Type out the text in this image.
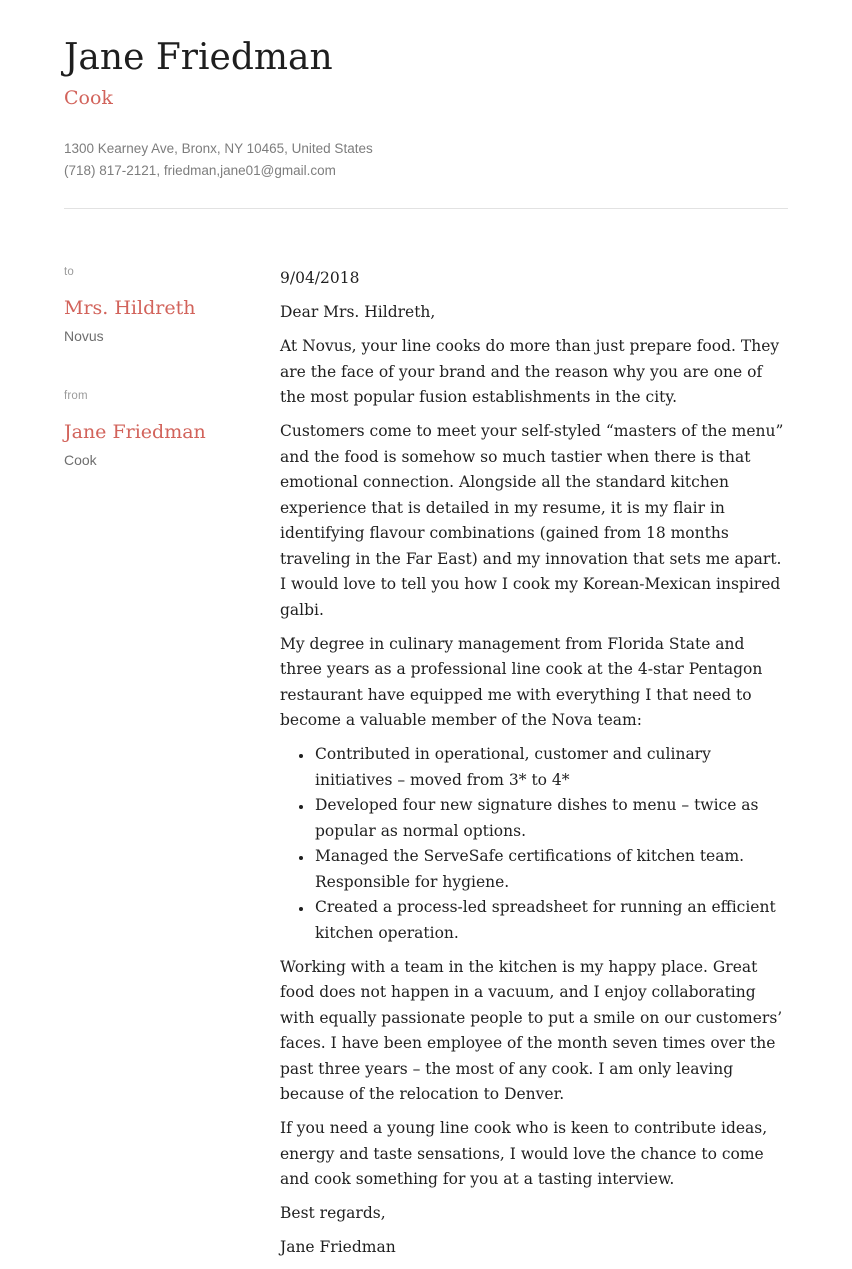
Jane Friedman
Cook
1300 Kearney Ave, Bronx, NY 10465, United States
(718) 817-2121, friedman,jane01@gmail.com
to
Mrs. Hildreth
Novus
from
Jane Friedman
Cook

9/04/2018

Dear Mrs. Hildreth,

At Novus, your line cooks do more than just prepare food. They are the face of your brand and the reason why you are one of the most popular fusion establishments in the city.

Customers come to meet your self-styled “masters of the menu” and the food is somehow so much tastier when there is that emotional connection. Alongside all the standard kitchen experience that is detailed in my resume, it is my flair in identifying flavour combinations (gained from 18 months traveling in the Far East) and my innovation that sets me apart. I would love to tell you how I cook my Korean-Mexican inspired galbi.

My degree in culinary management from Florida State and three years as a professional line cook at the 4-star Pentagon restaurant have equipped me with everything I that need to become a valuable member of the Nova team:

• Contributed in operational, customer and culinary initiatives – moved from 3* to 4*
• Developed four new signature dishes to menu – twice as popular as normal options.
• Managed the ServeSafe certifications of kitchen team. Responsible for hygiene.
• Created a process-led spreadsheet for running an efficient kitchen operation.

Working with a team in the kitchen is my happy place. Great food does not happen in a vacuum, and I enjoy collaborating with equally passionate people to put a smile on our customers’ faces. I have been employee of the month seven times over the past three years – the most of any cook. I am only leaving because of the relocation to Denver.

If you need a young line cook who is keen to contribute ideas, energy and taste sensations, I would love the chance to come and cook something for you at a tasting interview.

Best regards,

Jane Friedman
